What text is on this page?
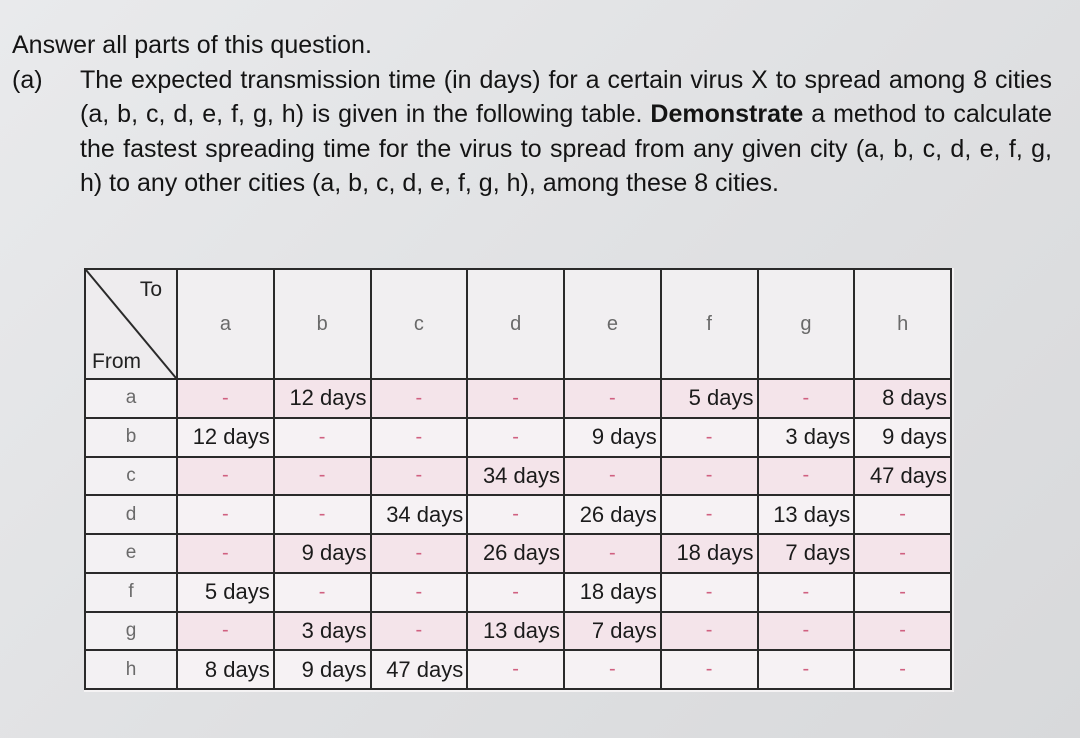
Answer all parts of this question.

(a) The expected transmission time (in days) for a certain virus X to spread among 8 cities (a, b, c, d, e, f, g, h) is given in the following table. Demonstrate a method to calculate the fastest spreading time for the virus to spread from any given city (a, b, c, d, e, f, g, h) to any other cities (a, b, c, d, e, f, g, h), among these 8 cities.

To
From	a	b	c	d	e	f	g	h
a	-	12 days	-	-	-	5 days	-	8 days
b	12 days	-	-	-	9 days	-	3 days	9 days
c	-	-	-	34 days	-	-	-	47 days
d	-	-	34 days	-	26 days	-	13 days	-
e	-	9 days	-	26 days	-	18 days	7 days	-
f	5 days	-	-	-	18 days	-	-	-
g	-	3 days	-	13 days	7 days	-	-	-
h	8 days	9 days	47 days	-	-	-	-	-
